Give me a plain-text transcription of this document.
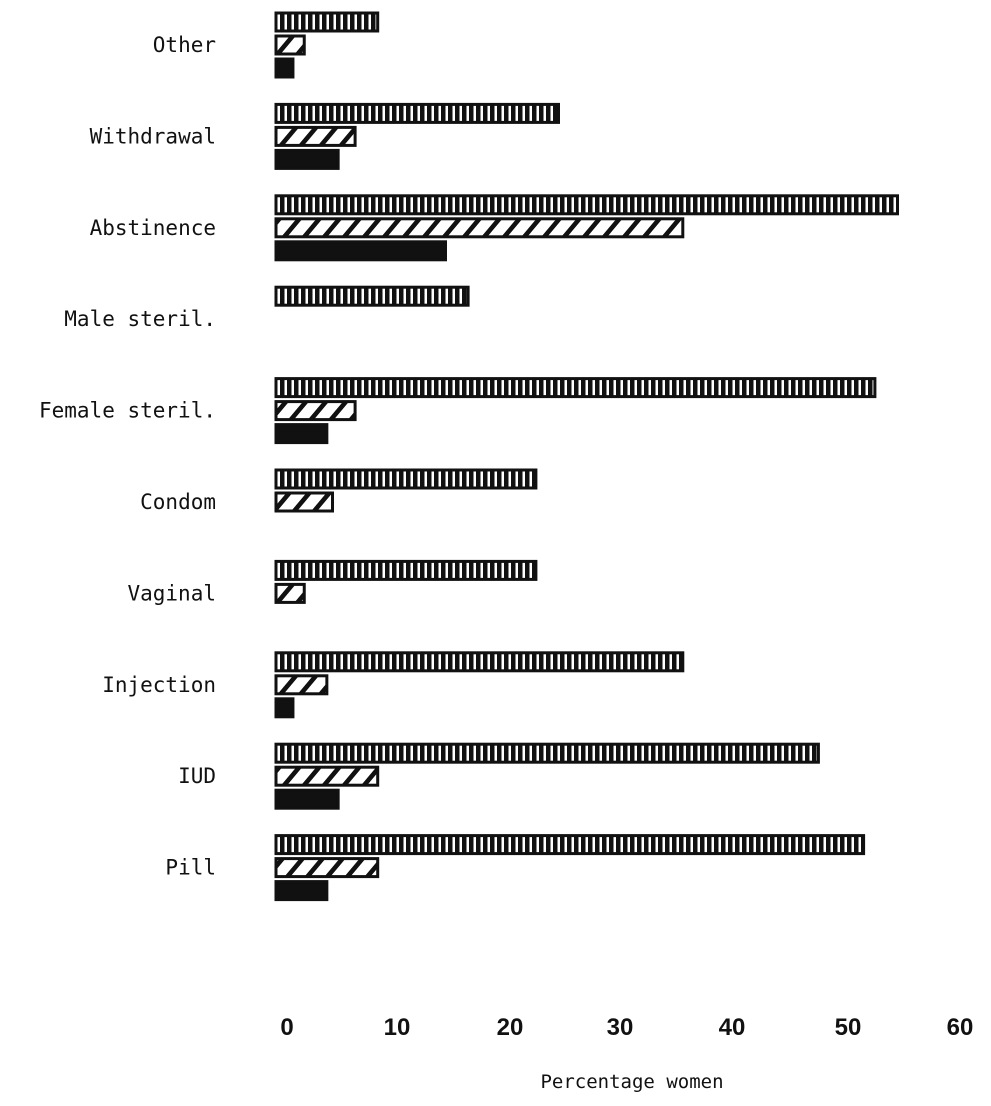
Other
Withdrawal
Abstinence
Male steril.
Female steril.
Condom
Vaginal
Injection
IUD
Pill
0	10	20	30	40	50	60
Percentage women
